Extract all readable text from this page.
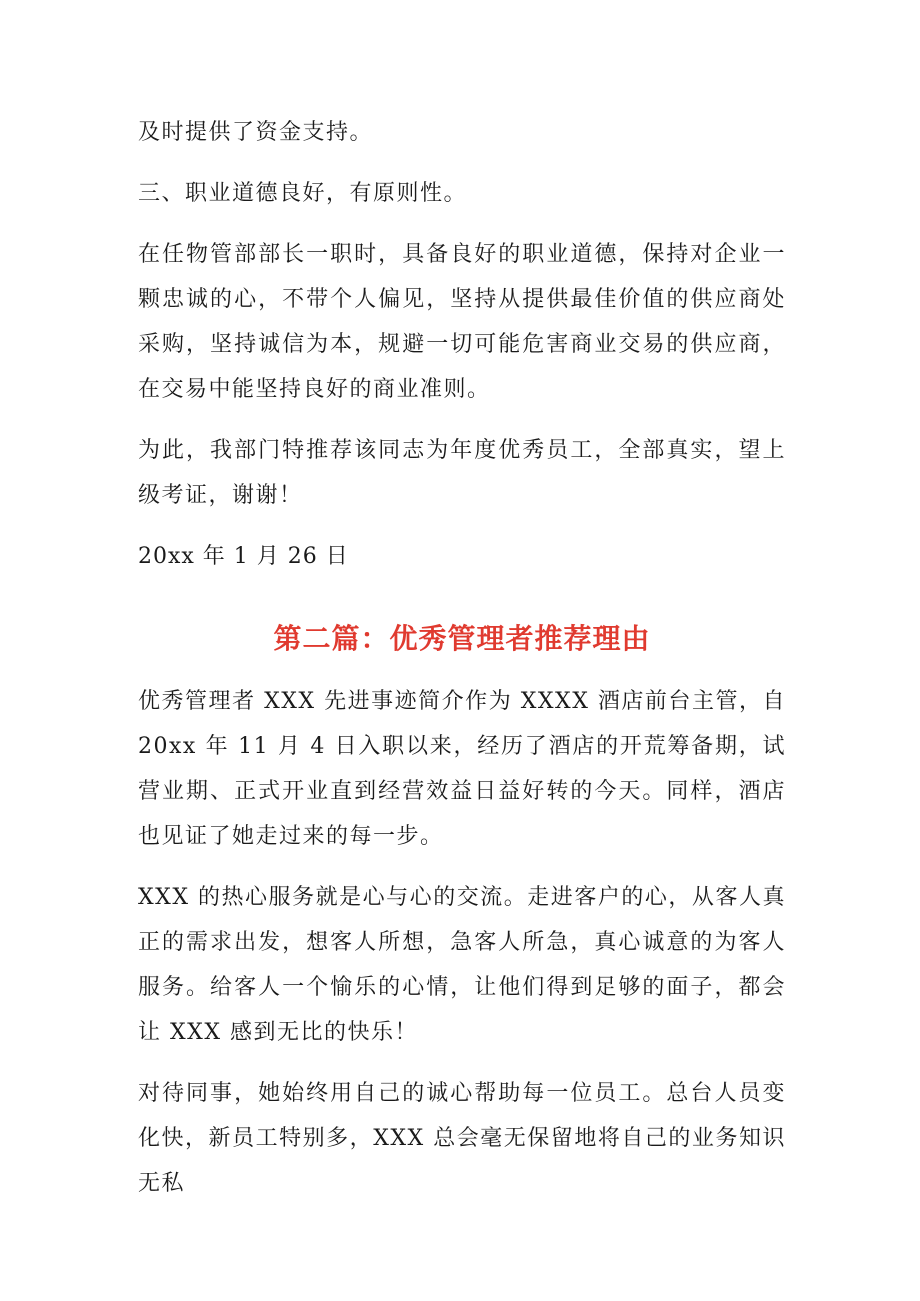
及时提供了资金支持。

三、职业道德良好，有原则性。

在任物管部部长一职时，具备良好的职业道德，保持对企业一颗忠诚的心，不带个人偏见，坚持从提供最佳价值的供应商处采购，坚持诚信为本，规避一切可能危害商业交易的供应商，在交易中能坚持良好的商业准则。

为此，我部门特推荐该同志为年度优秀员工，全部真实，望上级考证，谢谢！

20xx 年 1 月 26 日

第二篇：优秀管理者推荐理由

优秀管理者 XXX 先进事迹简介作为 XXXX 酒店前台主管，自 20xx 年 11 月 4 日入职以来，经历了酒店的开荒筹备期，试营业期、正式开业直到经营效益日益好转的今天。同样，酒店也见证了她走过来的每一步。

XXX 的热心服务就是心与心的交流。走进客户的心，从客人真正的需求出发，想客人所想，急客人所急，真心诚意的为客人服务。给客人一个愉乐的心情，让他们得到足够的面子，都会让 XXX 感到无比的快乐！

对待同事，她始终用自己的诚心帮助每一位员工。总台人员变化快，新员工特别多，XXX 总会毫无保留地将自己的业务知识无私
